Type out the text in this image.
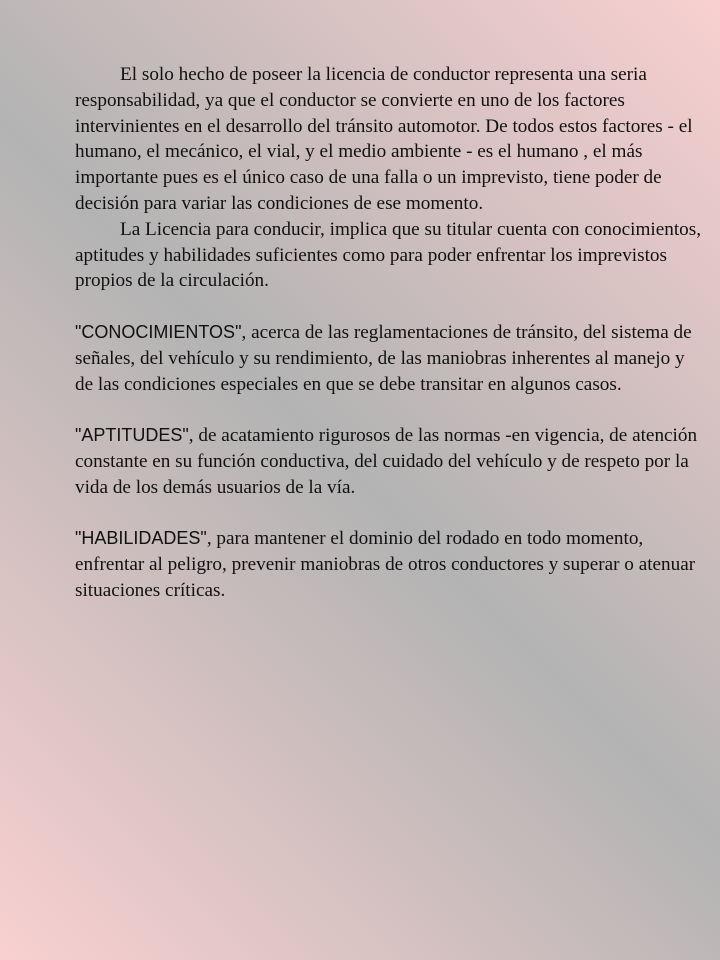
El solo hecho de poseer la licencia de conductor representa una seria responsabilidad, ya que el conductor se convierte en uno de los factores intervinientes en el desarrollo del tránsito automotor. De todos estos factores - el humano, el mecánico, el vial, y el medio ambiente - es el humano , el más importante pues es el único caso de una falla o un imprevisto, tiene poder de decisión para variar las condiciones de ese momento.

La Licencia para conducir, implica que su titular cuenta con conocimientos, aptitudes y habilidades suficientes como para poder enfrentar los imprevistos propios de la circulación.

"CONOCIMIENTOS", acerca de las reglamentaciones de tránsito, del sistema de señales, del vehículo y su rendimiento, de las maniobras inherentes al manejo y de las condiciones especiales en que se debe transitar en algunos casos.

"APTITUDES", de acatamiento rigurosos de las normas -en vigencia, de atención constante en su función conductiva, del cuidado del vehículo y de respeto por la vida de los demás usuarios de la vía.

"HABILIDADES", para mantener el dominio del rodado en todo momento, enfrentar al peligro, prevenir maniobras de otros conductores y superar o atenuar situaciones críticas.
